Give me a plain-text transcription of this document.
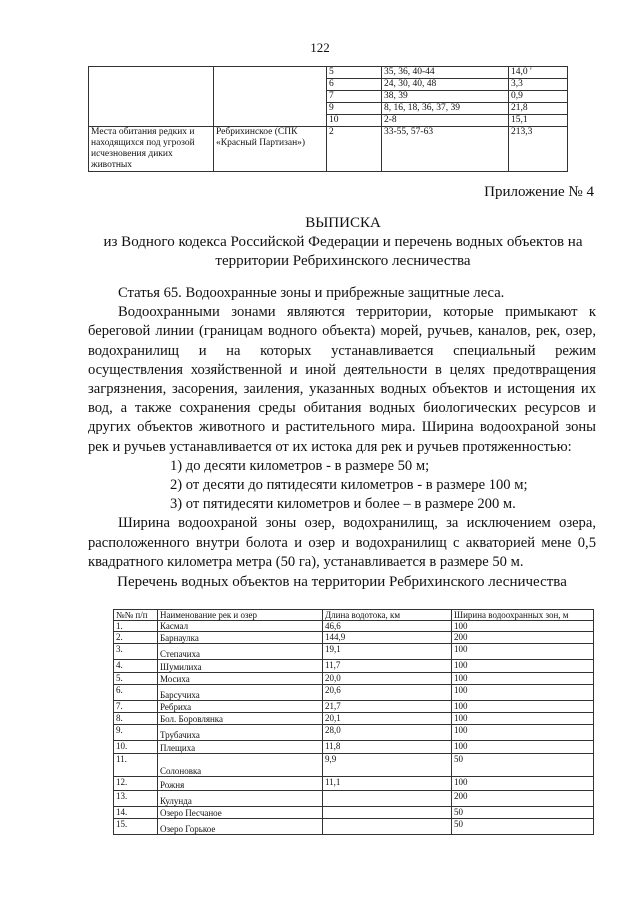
122
		5	35, 36, 40-44	14,0 '
		6	24, 30, 40, 48	3,3
		7	38, 39	0,9
		9	8, 16, 18, 36, 37, 39	21,8
		10	2-8	15,1
Места обитания редких и находящихся под угрозой исчезновения диких животных	Ребрихинское (СПК «Красный Партизан»)	2	33-55, 57-63	213,3
Приложение № 4
ВЫПИСКА
из Водного кодекса Российской Федерации и перечень водных объектов на
территории Ребрихинского лесничества

Статья 65. Водоохранные зоны и прибрежные защитные леса.

Водоохранными зонами являются территории, которые примыкают к береговой линии (границам водного объекта) морей, ручьев, каналов, рек, озер, водохранилищ и на которых устанавливается специальный режим осуществления хозяйственной и иной деятельности в целях предотвращения загрязнения, засорения, заиления, указанных водных объектов и истощения их вод, а также сохранения среды обитания водных биологических ресурсов и других объектов животного и растительного мира. Ширина водоохраной зоны рек и ручьев устанавливается от их истока для рек и ручьев протяженностью:

1) до десяти километров - в размере 50 м;

2) от десяти до пятидесяти километров - в размере 100 м;

3) от пятидесяти километров и более – в размере 200 м.

Ширина водоохраной зоны озер, водохранилищ, за исключением озера, расположенного внутри болота и озер и водохранилищ с акваторией мене 0,5 квадратного километра метра (50 га), устанавливается в размере 50 м.

Перечень водных объектов на территории Ребрихинского лесничества
№№ п/п	Наименование рек и озер	Длина водотока, км	Ширина водоохранных зон, м
1.	Касмал	46,6	100
2.	Барнаулка	144,9	200
3.	Степачиха	19,1	100
4.	Шумилиха	11,7	100
5.	Мосиха	20,0	100
6.	Барсучиха	20,6	100
7.	Ребриха	21,7	100
8.	Бол. Боровлянка	20,1	100
9.	Трубачиха	28,0	100
10.	Плещиха	11,8	100
11.	Солоновка	9,9	50
12.	Рожня	11,1	100
13.	Кулунда		200
14.	Озеро Песчаное		50
15.	Озеро Горькое		50
